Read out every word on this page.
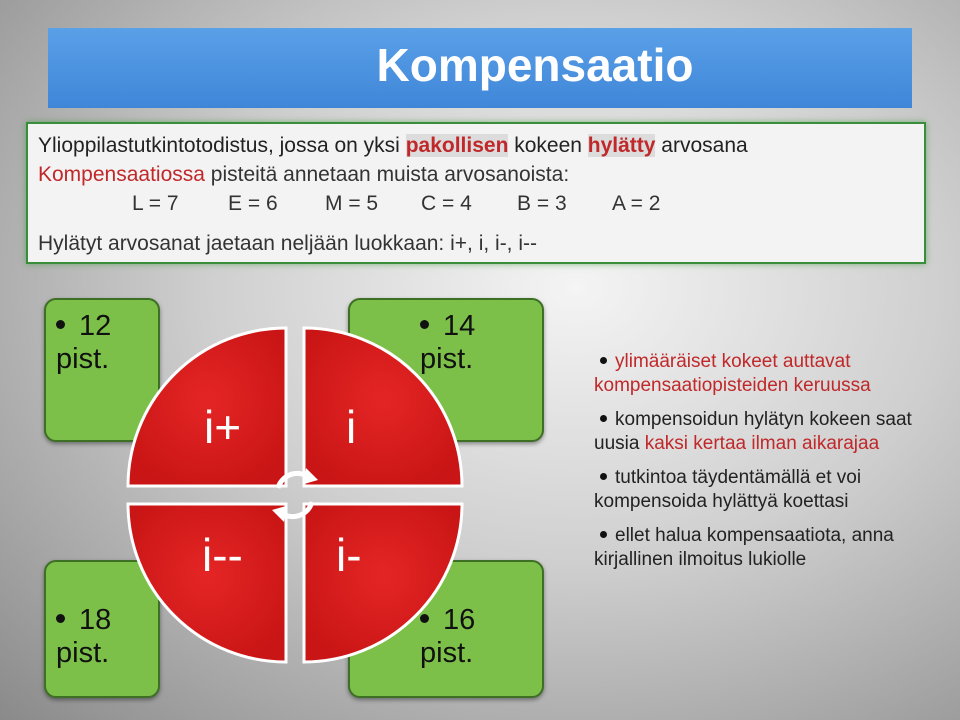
Kompensaatio
Ylioppilastutkintotodistus, jossa on yksi pakollisen kokeen hylätty arvosana
Kompensaatiossa pisteitä annetaan muista arvosanoista:
L = 7 E = 6 M = 5 C = 4 B = 3 A = 2
Hylätyt arvosanat jaetaan neljään luokkaan: i+, i, i-, i--
12 pist.
14 pist.
18 pist.
16 pist.
i+ i
i-- i-
ylimääräiset kokeet auttavat kompensaatiopisteiden keruussa
kompensoidun hylätyn kokeen saat uusia kaksi kertaa ilman aikarajaa
tutkintoa täydentämällä et voi kompensoida hylättyä koettasi
ellet halua kompensaatiota, anna kirjallinen ilmoitus lukiolle
